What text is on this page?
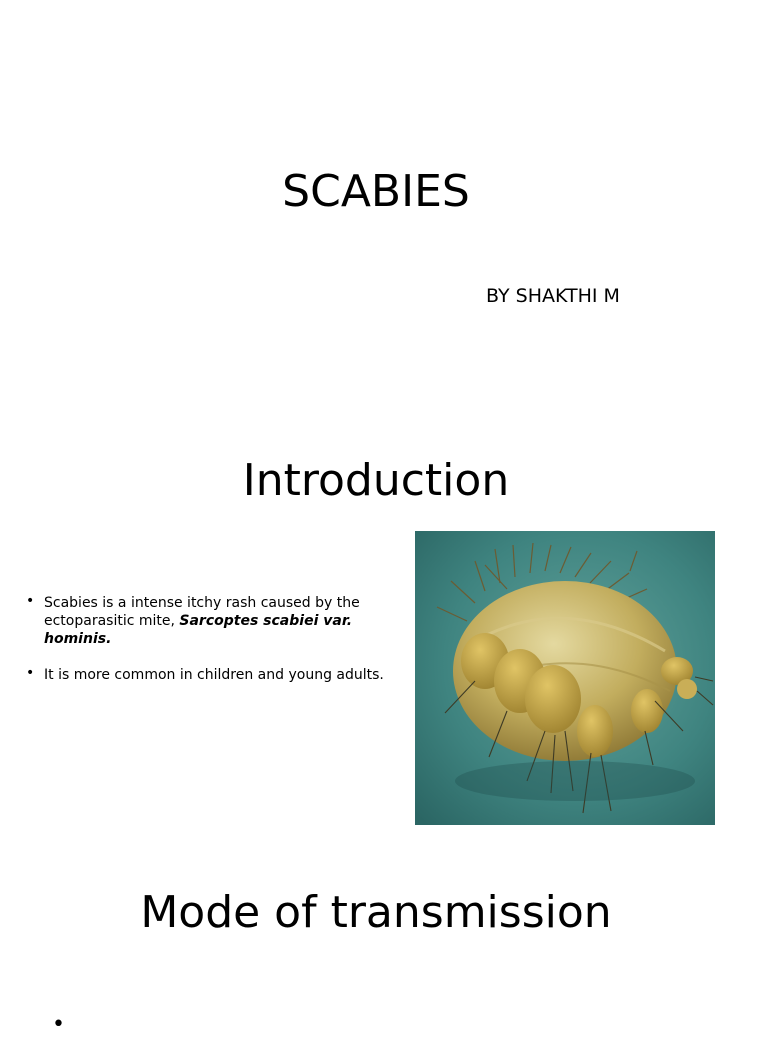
SCABIES

BY SHAKTHI M

Introduction
• Scabies is a intense itchy rash caused by the ectoparasitic mite, Sarcoptes scabiei var. hominis.
• It is more common in children and young adults.
Mode of transmission
•
